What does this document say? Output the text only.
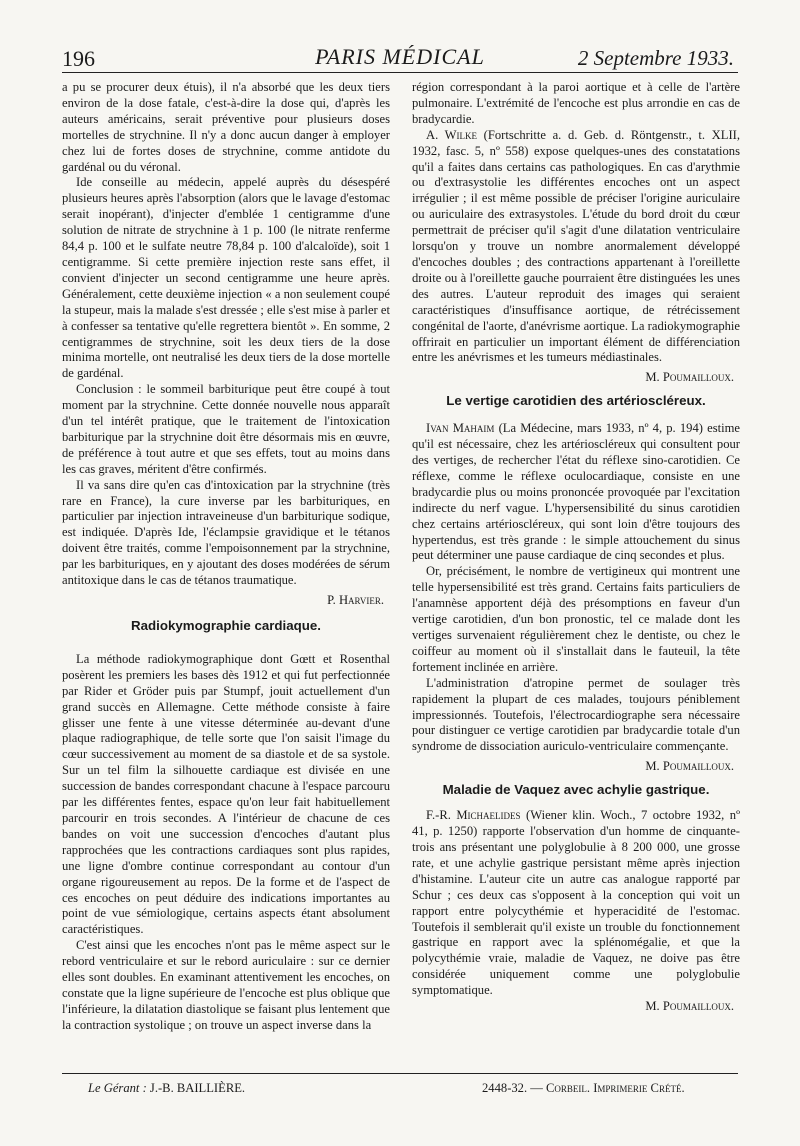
196	PARIS MÉDICAL	2 Septembre 1933.

a pu se procurer deux étuis), il n'a absorbé que les deux tiers environ de la dose fatale, c'est-à-dire la dose qui, d'après les auteurs américains, serait préventive pour plusieurs doses mortelles de strychnine. Il n'y a donc aucun danger à employer chez lui de fortes doses de strychnine, comme antidote du gardénal ou du véronal.

Ide conseille au médecin, appelé auprès du désespéré plusieurs heures après l'absorption (alors que le lavage d'estomac serait inopérant), d'injecter d'emblée 1 centigramme d'une solution de nitrate de strychnine à 1 p. 100 (le nitrate renferme 84,4 p. 100 et le sulfate neutre 78,84 p. 100 d'alcaloïde), soit 1 centigramme. Si cette première injection reste sans effet, il convient d'injecter un second centigramme une heure après. Généralement, cette deuxième injection « a non seulement coupé la stupeur, mais la malade s'est dressée ; elle s'est mise à parler et à confesser sa tentative qu'elle regrettera bientôt ». En somme, 2 centigrammes de strychnine, soit les deux tiers de la dose minima mortelle, ont neutralisé les deux tiers de la dose mortelle de gardénal.

Conclusion : le sommeil barbiturique peut être coupé à tout moment par la strychnine. Cette donnée nouvelle nous apparaît d'un tel intérêt pratique, que le traitement de l'intoxication barbiturique par la strychnine doit être désormais mis en œuvre, de préférence à tout autre et que ses effets, tout au moins dans les cas graves, méritent d'être confirmés.

Il va sans dire qu'en cas d'intoxication par la strychnine (très rare en France), la cure inverse par les barbituriques, en particulier par injection intraveineuse d'un barbiturique sodique, est indiquée. D'après Ide, l'éclampsie gravidique et le tétanos doivent être traités, comme l'empoisonnement par la strychnine, par les barbituriques, en y ajoutant des doses modérées de sérum antitoxique dans le cas de tétanos traumatique.

P. Harvier.
Radiokymographie cardiaque.

La méthode radiokymographique dont Gœtt et Rosenthal posèrent les premiers les bases dès 1912 et qui fut perfectionnée par Rider et Gröder puis par Stumpf, jouit actuellement d'un grand succès en Allemagne. Cette méthode consiste à faire glisser une fente à une vitesse déterminée au-devant d'une plaque radiographique, de telle sorte que l'on saisit l'image du cœur successivement au moment de sa diastole et de sa systole. Sur un tel film la silhouette cardiaque est divisée en une succession de bandes correspondant chacune à l'espace parcouru par les différentes fentes, espace qu'on leur fait habituellement parcourir en trois secondes. A l'intérieur de chacune de ces bandes on voit une succession d'encoches d'autant plus rapprochées que les contractions cardiaques sont plus rapides, une ligne d'ombre continue correspondant au contour d'un organe rigoureusement au repos. De la forme et de l'aspect de ces encoches on peut déduire des indications importantes au point de vue sémiologique, certains aspects étant absolument caractéristiques.

C'est ainsi que les encoches n'ont pas le même aspect sur le rebord ventriculaire et sur le rebord auriculaire : sur ce dernier elles sont doubles. En examinant attentivement les encoches, on constate que la ligne supérieure de l'encoche est plus oblique que l'inférieure, la dilatation diastolique se faisant plus lentement que la contraction systolique ; on trouve un aspect inverse dans la

région correspondant à la paroi aortique et à celle de l'artère pulmonaire. L'extrémité de l'encoche est plus arrondie en cas de bradycardie.

A. Wilke (Fortschritte a. d. Geb. d. Röntgenstr., t. XLII, 1932, fasc. 5, nº 558) expose quelques-unes des constatations qu'il a faites dans certains cas pathologiques. En cas d'arythmie ou d'extrasystolie les différentes encoches ont un aspect irrégulier ; il est même possible de préciser l'origine auriculaire ou auriculaire des extrasystoles. L'étude du bord droit du cœur permettrait de préciser qu'il s'agit d'une dilatation ventriculaire lorsqu'on y trouve un nombre anormalement développé d'encoches doubles ; des contractions appartenant à l'oreillette droite ou à l'oreillette gauche pourraient être distinguées les unes des autres. L'auteur reproduit des images qui seraient caractéristiques d'insuffisance aortique, de rétrécissement congénital de l'aorte, d'anévrisme aortique. La radiokymographie offrirait en particulier un important élément de différenciation entre les anévrismes et les tumeurs médiastinales.

M. Poumailloux.
Le vertige carotidien des artérioscléreux.

Ivan Mahaim (La Médecine, mars 1933, nº 4, p. 194) estime qu'il est nécessaire, chez les artérioscléreux qui consultent pour des vertiges, de rechercher l'état du réflexe sino-carotidien. Ce réflexe, comme le réflexe oculocardiaque, consiste en une bradycardie plus ou moins prononcée provoquée par l'excitation indirecte du nerf vague. L'hypersensibilité du sinus carotidien chez certains artérioscléreux, qui sont loin d'être toujours des hypertendus, est très grande : le simple attouchement du sinus peut déterminer une pause cardiaque de cinq secondes et plus.

Or, précisément, le nombre de vertigineux qui montrent une telle hypersensibilité est très grand. Certains faits particuliers de l'anamnèse apportent déjà des présomptions en faveur d'un vertige carotidien, d'un bon pronostic, tel ce malade dont les vertiges survenaient régulièrement chez le dentiste, ou chez le coiffeur au moment où il s'installait dans le fauteuil, la tête fortement inclinée en arrière.

L'administration d'atropine permet de soulager très rapidement la plupart de ces malades, toujours péniblement impressionnés. Toutefois, l'électrocardiographe sera nécessaire pour distinguer ce vertige carotidien par bradycardie totale d'un syndrome de dissociation auriculo-ventriculaire commençante.

M. Poumailloux.
Maladie de Vaquez avec achylie gastrique.

F.-R. Michaelides (Wiener klin. Woch., 7 octobre 1932, nº 41, p. 1250) rapporte l'observation d'un homme de cinquante-trois ans présentant une polyglobulie à 8 200 000, une grosse rate, et une achylie gastrique persistant même après injection d'histamine. L'auteur cite un autre cas analogue rapporté par Schur ; ces deux cas s'opposent à la conception qui voit un rapport entre polycythémie et hyperacidité de l'estomac. Toutefois il semblerait qu'il existe un trouble du fonctionnement gastrique en rapport avec la splénomégalie, et que la polycythémie vraie, maladie de Vaquez, ne doive pas être considérée uniquement comme une polyglobulie symptomatique.

M. Poumailloux.
Le Gérant : J.-B. BAILLIÈRE.	2448-32. — Corbeil. Imprimerie Crété.
